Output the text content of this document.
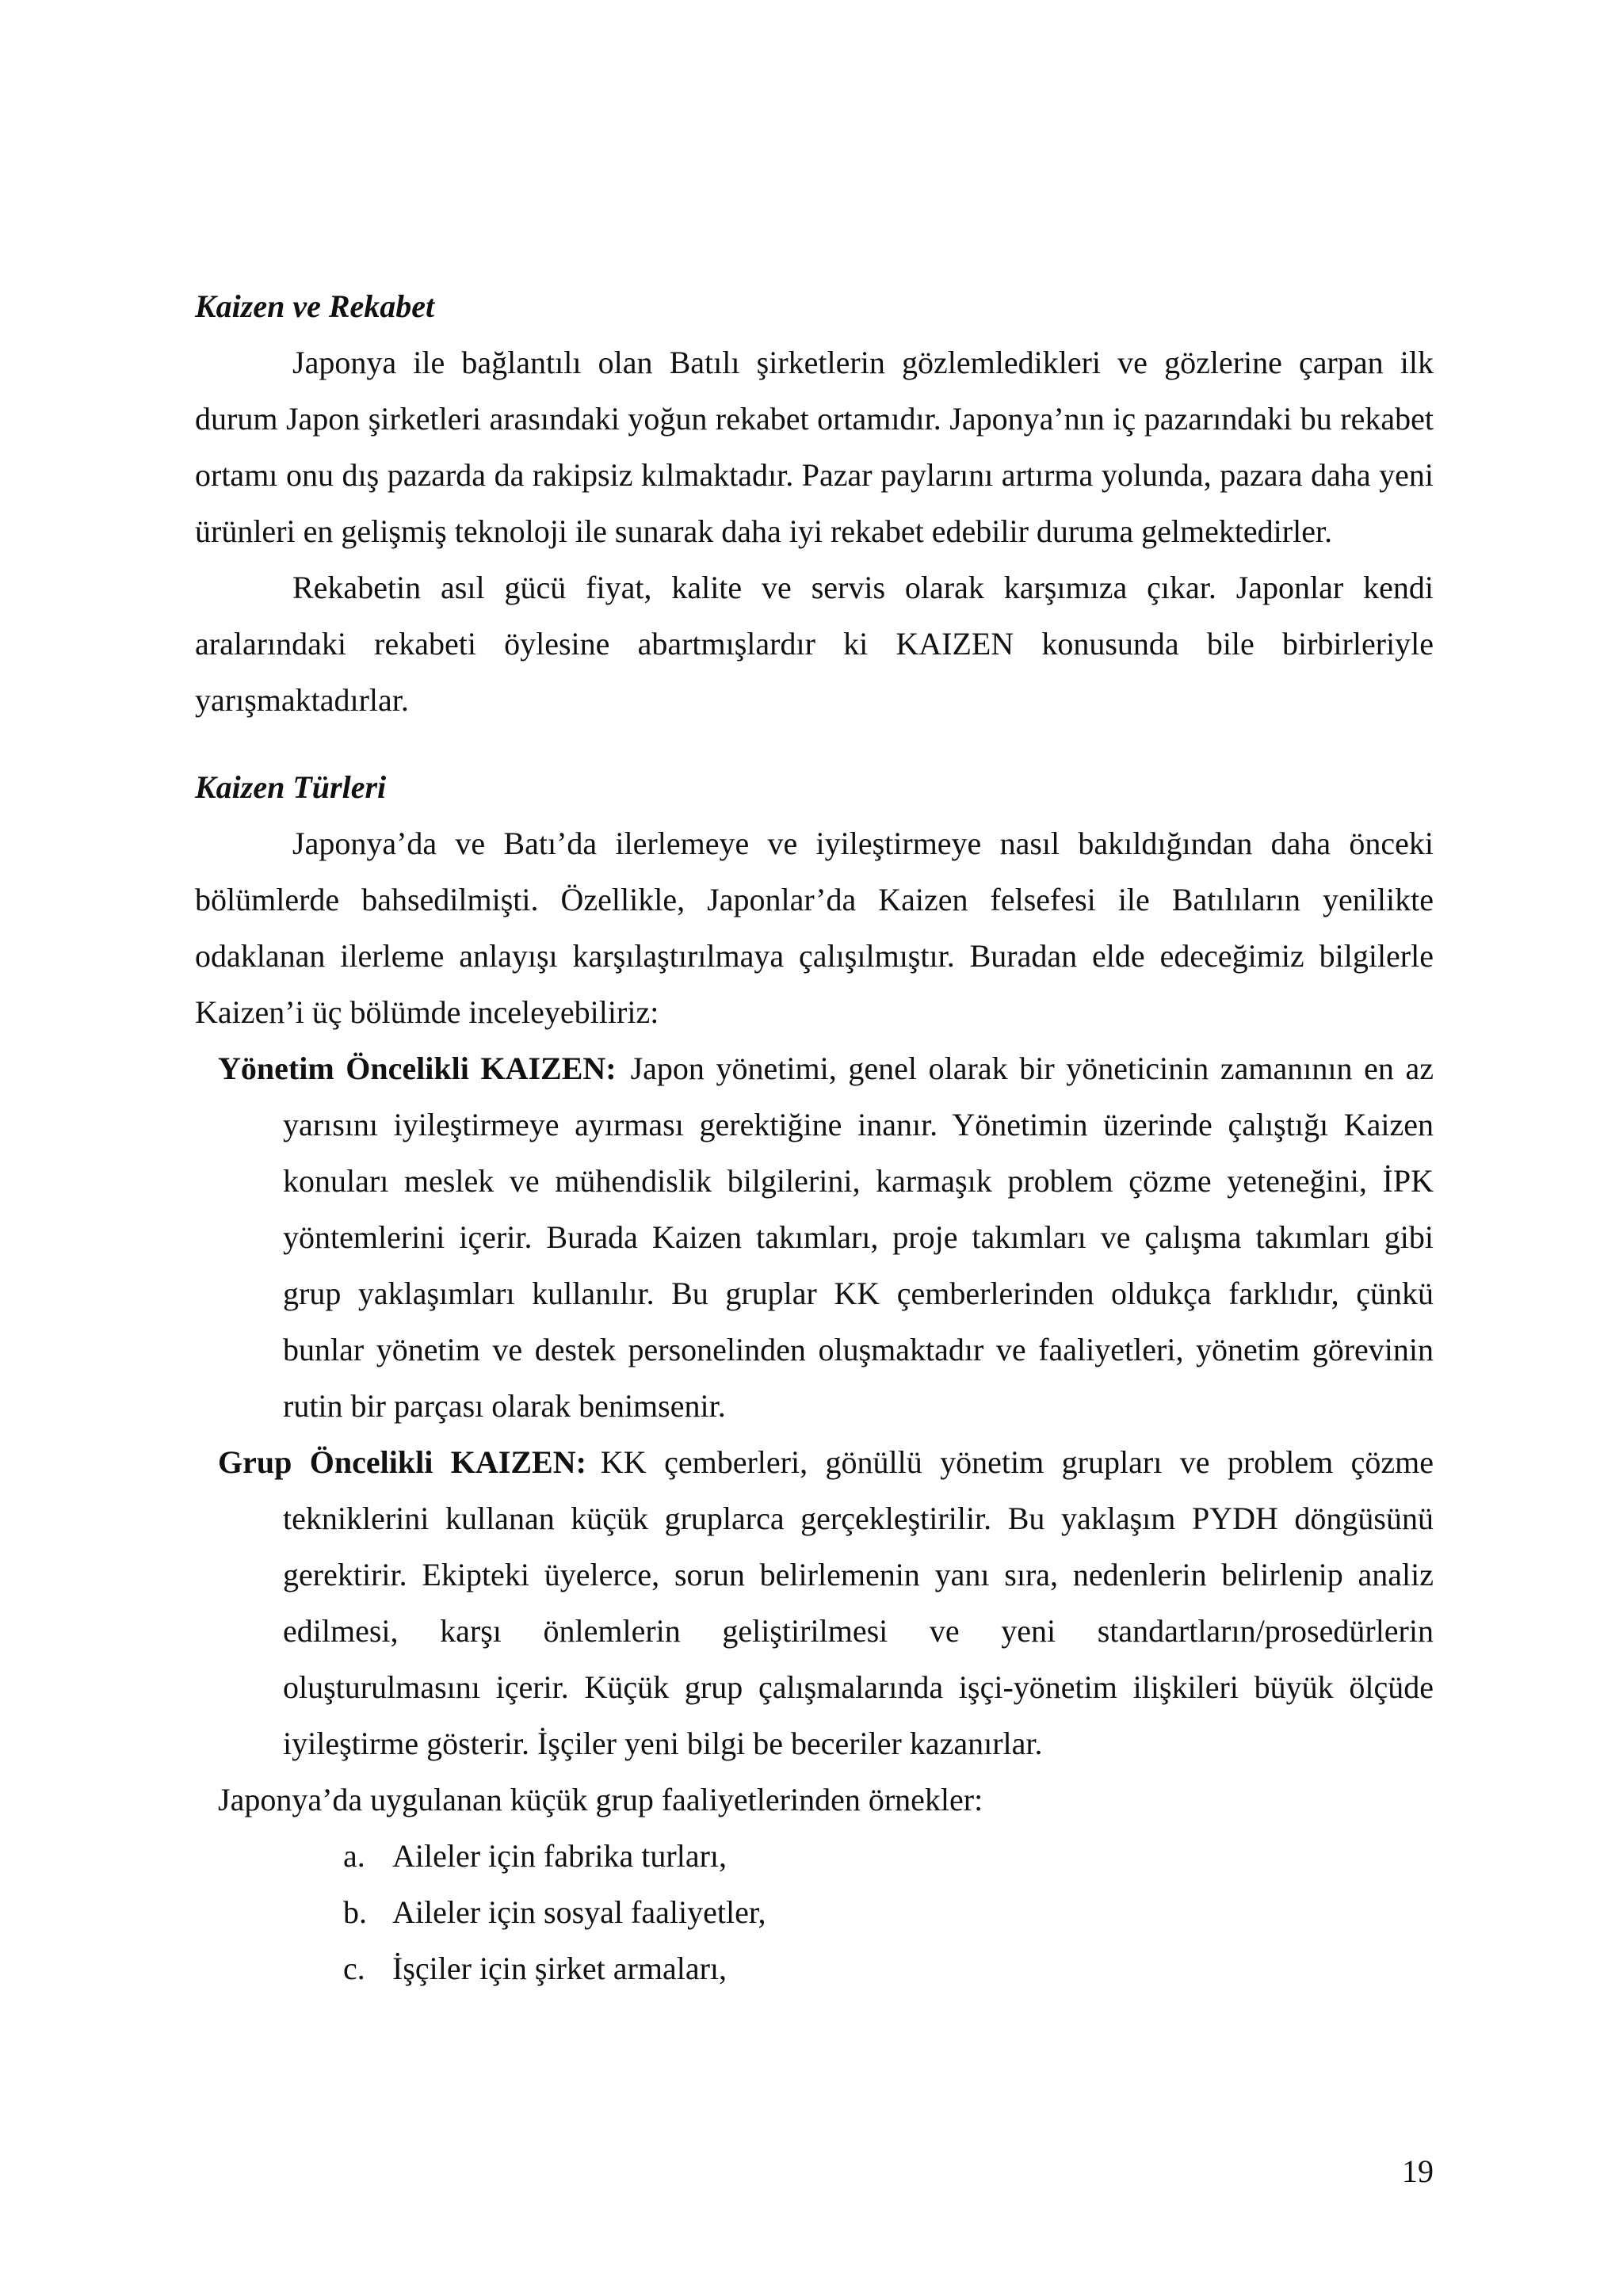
Kaizen ve Rekabet

Japonya ile bağlantılı olan Batılı şirketlerin gözlemledikleri ve gözlerine çarpan ilk durum Japon şirketleri arasındaki yoğun rekabet ortamıdır. Japonya’nın iç pazarındaki bu rekabet ortamı onu dış pazarda da rakipsiz kılmaktadır. Pazar paylarını artırma yolunda, pazara daha yeni ürünleri en gelişmiş teknoloji ile sunarak daha iyi rekabet edebilir duruma gelmektedirler.

Rekabetin asıl gücü fiyat, kalite ve servis olarak karşımıza çıkar. Japonlar kendi aralarındaki rekabeti öylesine abartmışlardır ki KAIZEN konusunda bile birbirleriyle yarışmaktadırlar.

Kaizen Türleri

Japonya’da ve Batı’da ilerlemeye ve iyileştirmeye nasıl bakıldığından daha önceki bölümlerde bahsedilmişti. Özellikle, Japonlar’da Kaizen felsefesi ile Batılıların yenilikte odaklanan ilerleme anlayışı karşılaştırılmaya çalışılmıştır. Buradan elde edeceğimiz bilgilerle Kaizen’i üç bölümde inceleyebiliriz:

Yönetim Öncelikli KAIZEN: Japon yönetimi, genel olarak bir yöneticinin zamanının en az yarısını iyileştirmeye ayırması gerektiğine inanır. Yönetimin üzerinde çalıştığı Kaizen konuları meslek ve mühendislik bilgilerini, karmaşık problem çözme yeteneğini, İPK yöntemlerini içerir. Burada Kaizen takımları, proje takımları ve çalışma takımları gibi grup yaklaşımları kullanılır. Bu gruplar KK çemberlerinden oldukça farklıdır, çünkü bunlar yönetim ve destek personelinden oluşmaktadır ve faaliyetleri, yönetim görevinin rutin bir parçası olarak benimsenir.

Grup Öncelikli KAIZEN: KK çemberleri, gönüllü yönetim grupları ve problem çözme tekniklerini kullanan küçük gruplarca gerçekleştirilir. Bu yaklaşım PYDH döngüsünü gerektirir. Ekipteki üyelerce, sorun belirlemenin yanı sıra, nedenlerin belirlenip analiz edilmesi, karşı önlemlerin geliştirilmesi ve yeni standartların/prosedürlerin oluşturulmasını içerir. Küçük grup çalışmalarında işçi-yönetim ilişkileri büyük ölçüde iyileştirme gösterir. İşçiler yeni bilgi be beceriler kazanırlar.

Japonya’da uygulanan küçük grup faaliyetlerinden örnekler:

a. Aileler için fabrika turları,
b. Aileler için sosyal faaliyetler,
c. İşçiler için şirket armaları,
19
